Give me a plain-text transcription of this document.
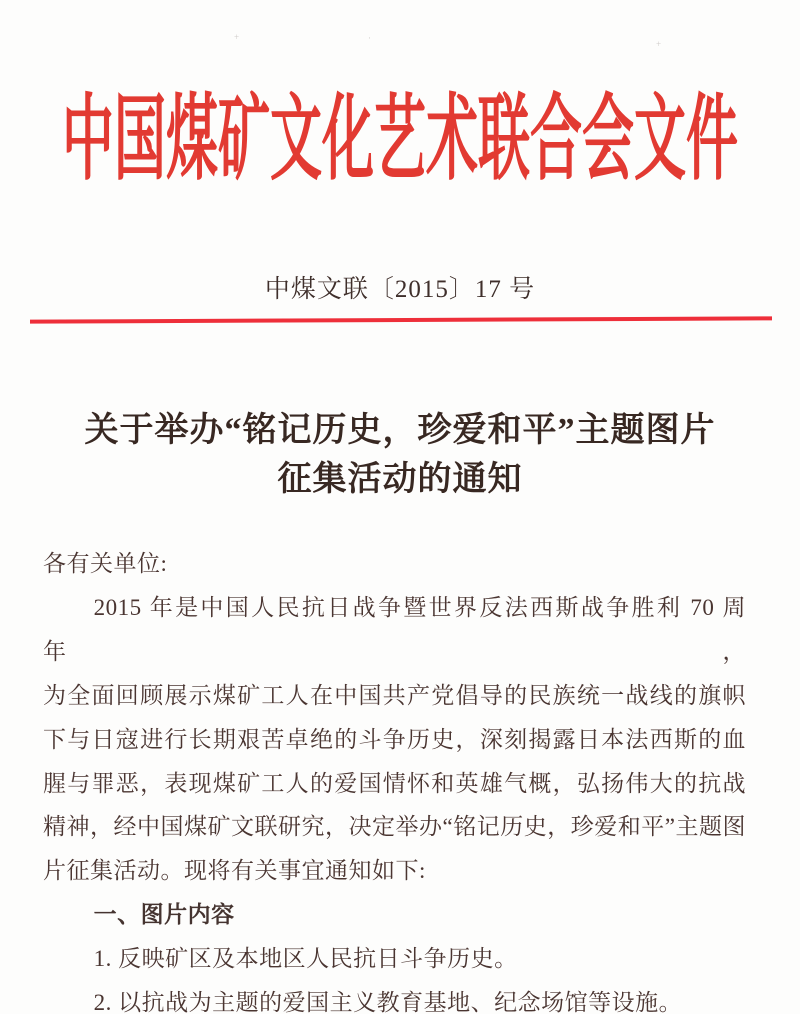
+	·
+
中国煤矿文化艺术联合会文件
中煤文联〔2015〕17 号
关于举办“铭记历史，珍爱和平”主题图片
征集活动的通知
各有关单位:
2015 年是中国人民抗日战争暨世界反法西斯战争胜利 70 周年，
为全面回顾展示煤矿工人在中国共产党倡导的民族统一战线的旗帜
下与日寇进行长期艰苦卓绝的斗争历史，深刻揭露日本法西斯的血
腥与罪恶，表现煤矿工人的爱国情怀和英雄气概，弘扬伟大的抗战
精神，经中国煤矿文联研究，决定举办“铭记历史，珍爱和平”主题图
片征集活动。现将有关事宜通知如下:
一、图片内容
1. 反映矿区及本地区人民抗日斗争历史。
2. 以抗战为主题的爱国主义教育基地、纪念场馆等设施。
